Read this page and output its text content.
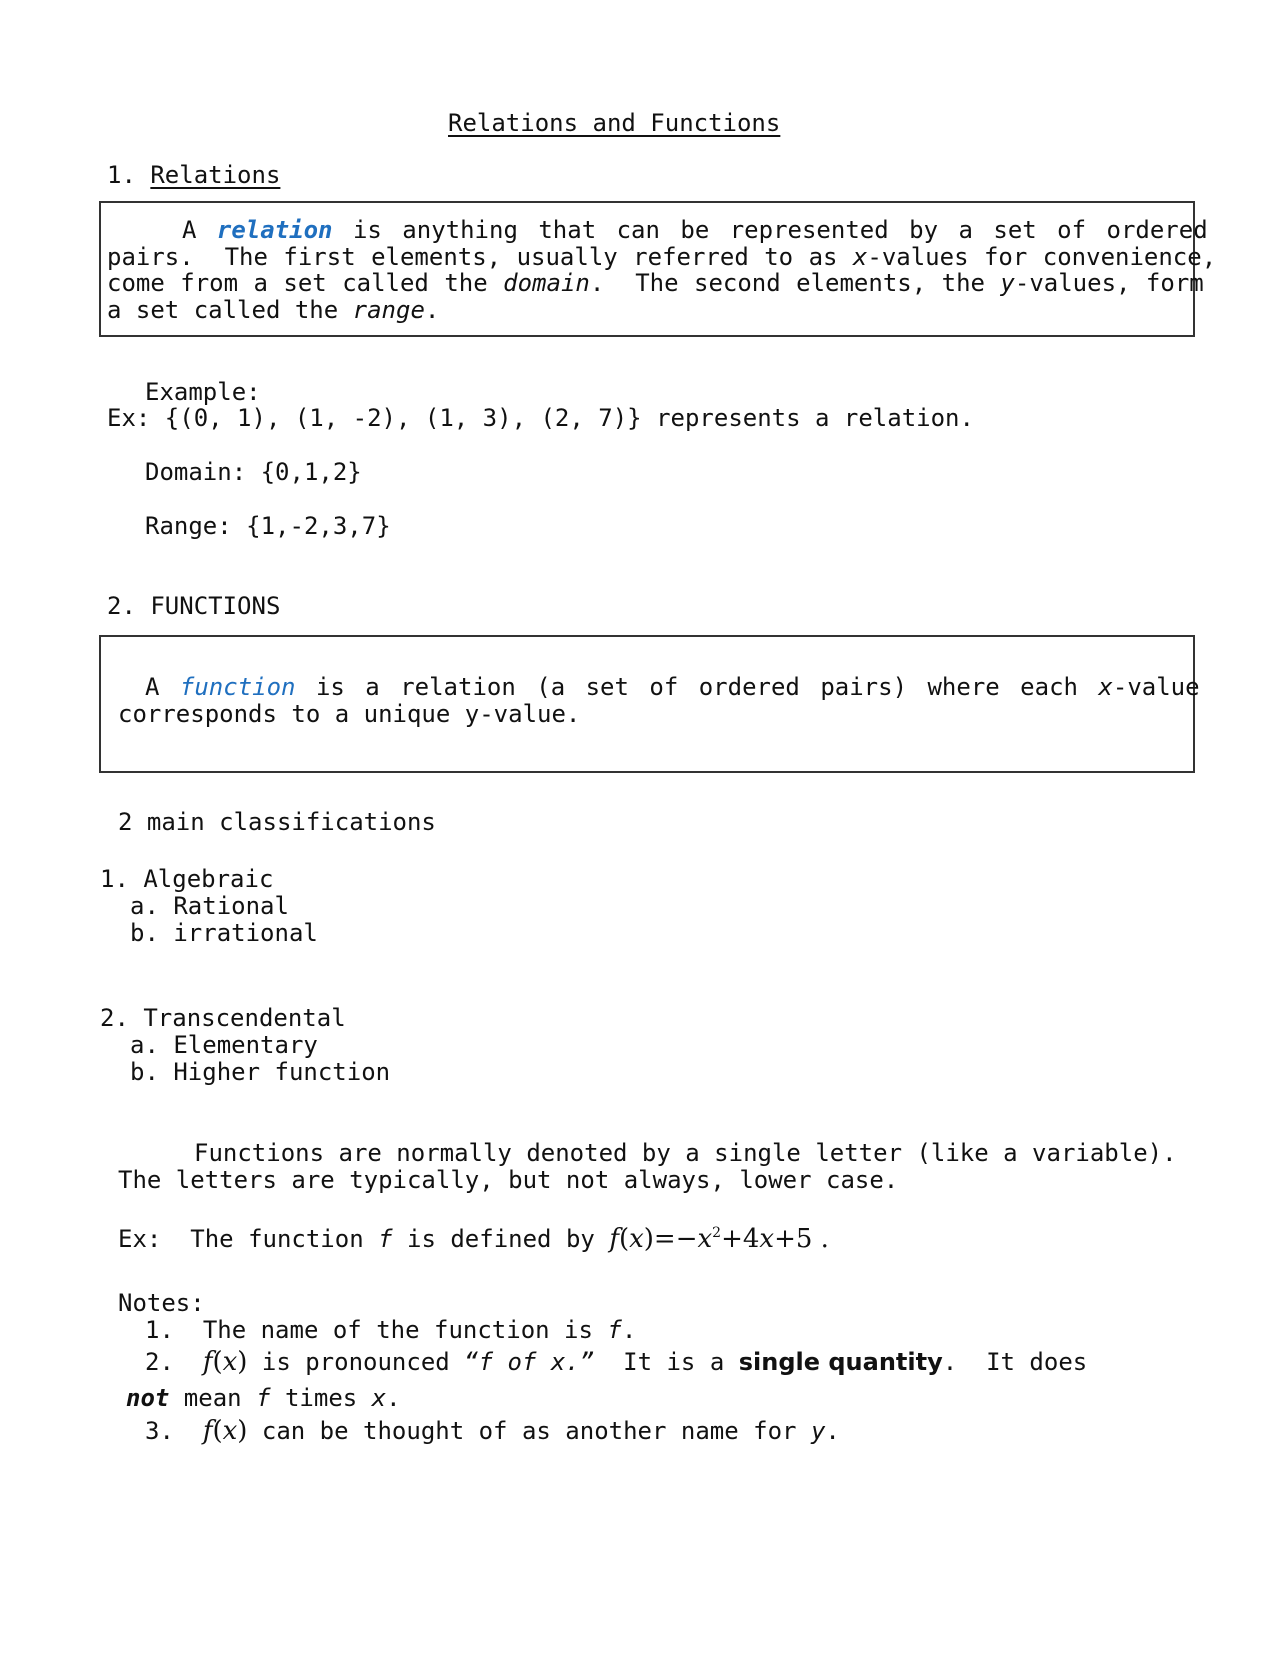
Relations and Functions
1. Relations
A relation is anything that can be represented by a set of ordered
pairs.  The first elements, usually referred to as x-values for convenience,
come from a set called the domain.  The second elements, the y-values, form
a set called the range.
Example:
Ex: {(0, 1), (1, -2), (1, 3), (2, 7)} represents a relation.
Domain: {0,1,2}
Range: {1,-2,3,7}
2. FUNCTIONS
A function is a relation (a set of ordered pairs) where each x-value
corresponds to a unique y-value.
2 main classifications
1. Algebraic
a. Rational
b. irrational
2. Transcendental
a. Elementary
b. Higher function
Functions are normally denoted by a single letter (like a variable).
The letters are typically, but not always, lower case.
Ex: The function f is defined by $f(x)=-x^2+4x+5$ .
Notes:
1. The name of the function is f.
2. f(x) is pronounced “f of x.”  It is a single quantity.  It does
not mean f times x.
3. f(x) can be thought of as another name for y.
